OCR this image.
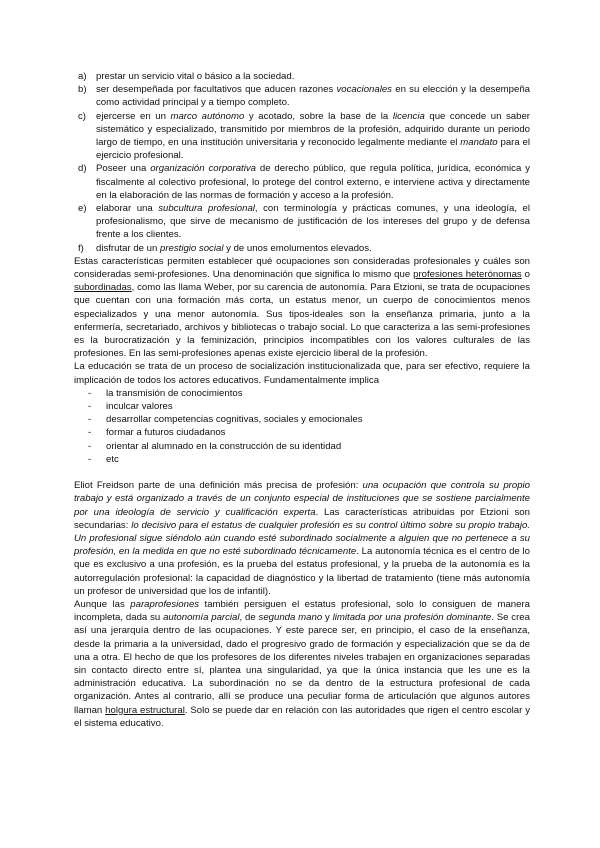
a) prestar un servicio vital o básico a la sociedad.
b) ser desempeñada por facultativos que aducen razones vocacionales en su elección y la desempeña como actividad principal y a tiempo completo.
c) ejercerse en un marco autónomo y acotado, sobre la base de la licencia que concede un saber sistemático y especializado, transmitido por miembros de la profesión, adquirido durante un periodo largo de tiempo, en una institución universitaria y reconocido legalmente mediante el mandato para el ejercicio profesional.
d) Poseer una organización corporativa de derecho público, que regula política, jurídica, económica y fiscalmente al colectivo profesional, lo protege del control externo, e interviene activa y directamente en la elaboración de las normas de formación y acceso a la profesión.
e) elaborar una subcultura profesional, con terminología y prácticas comunes, y una ideología, el profesionalismo, que sirve de mecanismo de justificación de los intereses del grupo y de defensa frente a los clientes.
f) disfrutar de un prestigio social y de unos emolumentos elevados.

Estas características permiten establecer qué ocupaciones son consideradas profesionales y cuáles son consideradas semi-profesiones. Una denominación que significa lo mismo que profesiones heterónomas o subordinadas, como las llama Weber, por su carencia de autonomía. Para Etzioni, se trata de ocupaciones que cuentan con una formación más corta, un estatus menor, un cuerpo de conocimientos menos especializados y una menor autonomía. Sus tipos-ideales son la enseñanza primaria, junto a la enfermería, secretariado, archivos y bibliotecas o trabajo social. Lo que caracteriza a las semi-profesiones es la burocratización y la feminización, principios incompatibles con los valores culturales de las profesiones. En las semi-profesiones apenas existe ejercicio liberal de la profesión.

La educación se trata de un proceso de socialización institucionalizada que, para ser efectivo, requiere la implicación de todos los actores educativos. Fundamentalmente implica

- la transmisión de conocimientos
- inculcar valores
- desarrollar competencias cognitivas, sociales y emocionales
- formar a futuros ciudadanos
- orientar al alumnado en la construcción de su identidad
- etc

Eliot Freidson parte de una definición más precisa de profesión: una ocupación que controla su propio trabajo y está organizado a través de un conjunto especial de instituciones que se sostiene parcialmente por una ideología de servicio y cualificación experta. Las características atribuidas por Etzioni son secundarias: lo decisivo para el estatus de cualquier profesión es su control último sobre su propio trabajo. Un profesional sigue siéndolo aún cuando esté subordinado socialmente a alguien que no pertenece a su profesión, en la medida en que no esté subordinado técnicamente. La autonomía técnica es el centro de lo que es exclusivo a una profesión, es la prueba del estatus profesional, y la prueba de la autonomía es la autorregulación profesional: la capacidad de diagnóstico y la libertad de tratamiento (tiene más autonomía un profesor de universidad que los de infantil).

Aunque las paraprofesiones también persiguen el estatus profesional, solo lo consiguen de manera incompleta, dada su autonomía parcial, de segunda mano y limitada por una profesión dominante. Se crea así una jerarquía dentro de las ocupaciones. Y este parece ser, en principio, el caso de la enseñanza, desde la primaria a la universidad, dado el progresivo grado de formación y especialización que se da de una a otra. El hecho de que los profesores de los diferentes niveles trabajen en organizaciones separadas sin contacto directo entre sí, plantea una singularidad, ya que la única instancia que les une es la administración educativa. La subordinación no se da dentro de la estructura profesional de cada organización. Antes al contrario, allí se produce una peculiar forma de articulación que algunos autores llaman holgura estructural. Solo se puede dar en relación con las autoridades que rigen el centro escolar y el sistema educativo.
